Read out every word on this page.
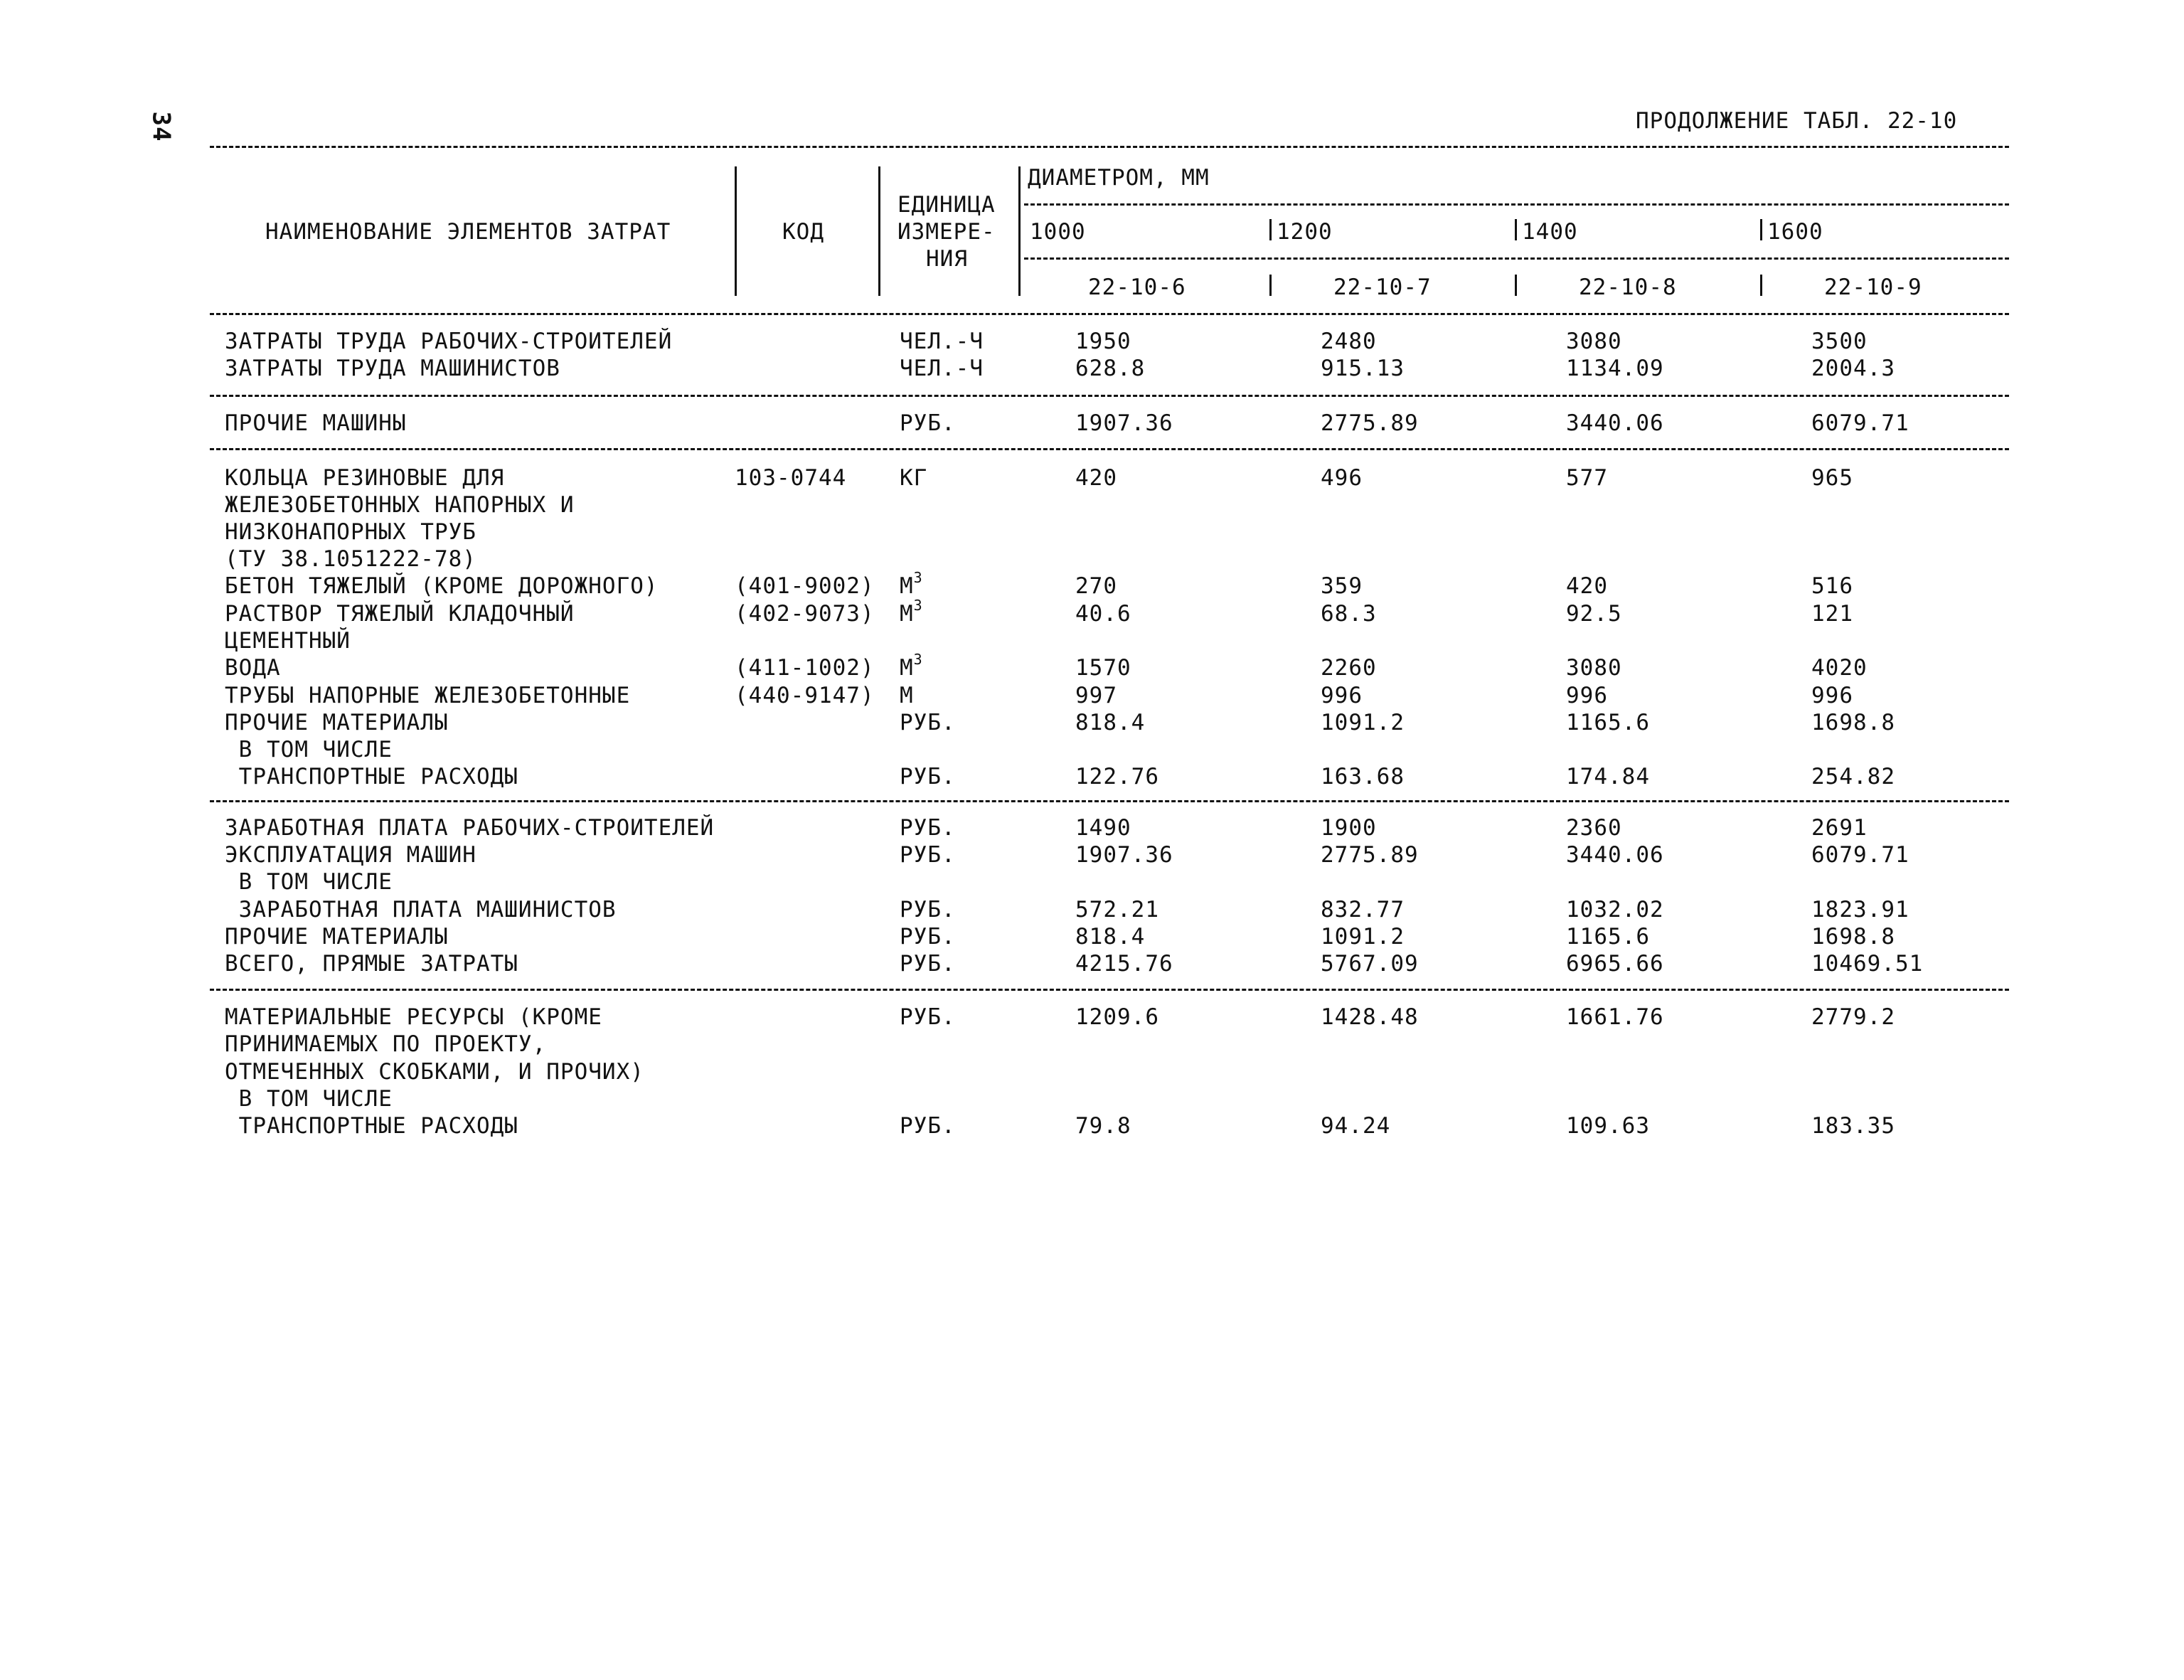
34	ПРОДОЛЖЕНИЕ ТАБЛ. 22-10
НАИМЕНОВАНИЕ ЭЛЕМЕНТОВ ЗАТРАТ	КОД
ЕДИНИЦА
ИЗМЕРЕ-
НИЯ
ДИАМЕТРОМ, ММ
1000	1200	1400	1600
22-10-6	22-10-7	22-10-8	22-10-9
ЗАТРАТЫ ТРУДА РАБОЧИХ-СТРОИТЕЛЕЙ	ЧЕЛ.-Ч	1950	2480	3080	3500
ЗАТРАТЫ ТРУДА МАШИНИСТОВ	ЧЕЛ.-Ч	628.8	915.13	1134.09	2004.3
ПРОЧИЕ МАШИНЫ	РУБ.	1907.36	2775.89	3440.06	6079.71
КОЛЬЦА РЕЗИНОВЫЕ ДЛЯ	103-0744 КГ	420	496	577	965
ЖЕЛЕЗОБЕТОННЫХ НАПОРНЫХ И
НИЗКОНАПОРНЫХ ТРУБ
(ТУ 38.1051222-78)
БЕТОН ТЯЖЕЛЫЙ (КРОМЕ ДОРОЖНОГО)	(401-9002) $М^3$	270	359	420	516
РАСТВОР ТЯЖЕЛЫЙ КЛАДОЧНЫЙ	(402-9073) $М^3$	40.6	68.3	92.5	121
ЦЕМЕНТНЫЙ
ВОДА	(411-1002) $М^3$	1570	2260	3080	4020
ТРУБЫ НАПОРНЫЕ ЖЕЛЕЗОБЕТОННЫЕ	(440-9147) М	997	996	996	996
ПРОЧИЕ МАТЕРИАЛЫ	РУБ.	818.4	1091.2	1165.6	1698.8
В ТОМ ЧИСЛЕ
ТРАНСПОРТНЫЕ РАСХОДЫ	РУБ.	122.76	163.68	174.84	254.82
ЗАРАБОТНАЯ ПЛАТА РАБОЧИХ-СТРОИТЕЛЕЙ	РУБ.	1490	1900	2360	2691
ЭКСПЛУАТАЦИЯ МАШИН	РУБ.	1907.36	2775.89	3440.06	6079.71
В ТОМ ЧИСЛЕ
ЗАРАБОТНАЯ ПЛАТА МАШИНИСТОВ	РУБ.	572.21	832.77	1032.02	1823.91
ПРОЧИЕ МАТЕРИАЛЫ	РУБ.	818.4	1091.2	1165.6	1698.8
ВСЕГО, ПРЯМЫЕ ЗАТРАТЫ	РУБ.	4215.76	5767.09	6965.66	10469.51
МАТЕРИАЛЬНЫЕ РЕСУРСЫ (КРОМЕ	РУБ.	1209.6	1428.48	1661.76	2779.2
ПРИНИМАЕМЫХ ПО ПРОЕКТУ,
ОТМЕЧЕННЫХ СКОБКАМИ, И ПРОЧИХ)
В ТОМ ЧИСЛЕ
ТРАНСПОРТНЫЕ РАСХОДЫ	РУБ.	79.8	94.24	109.63	183.35
